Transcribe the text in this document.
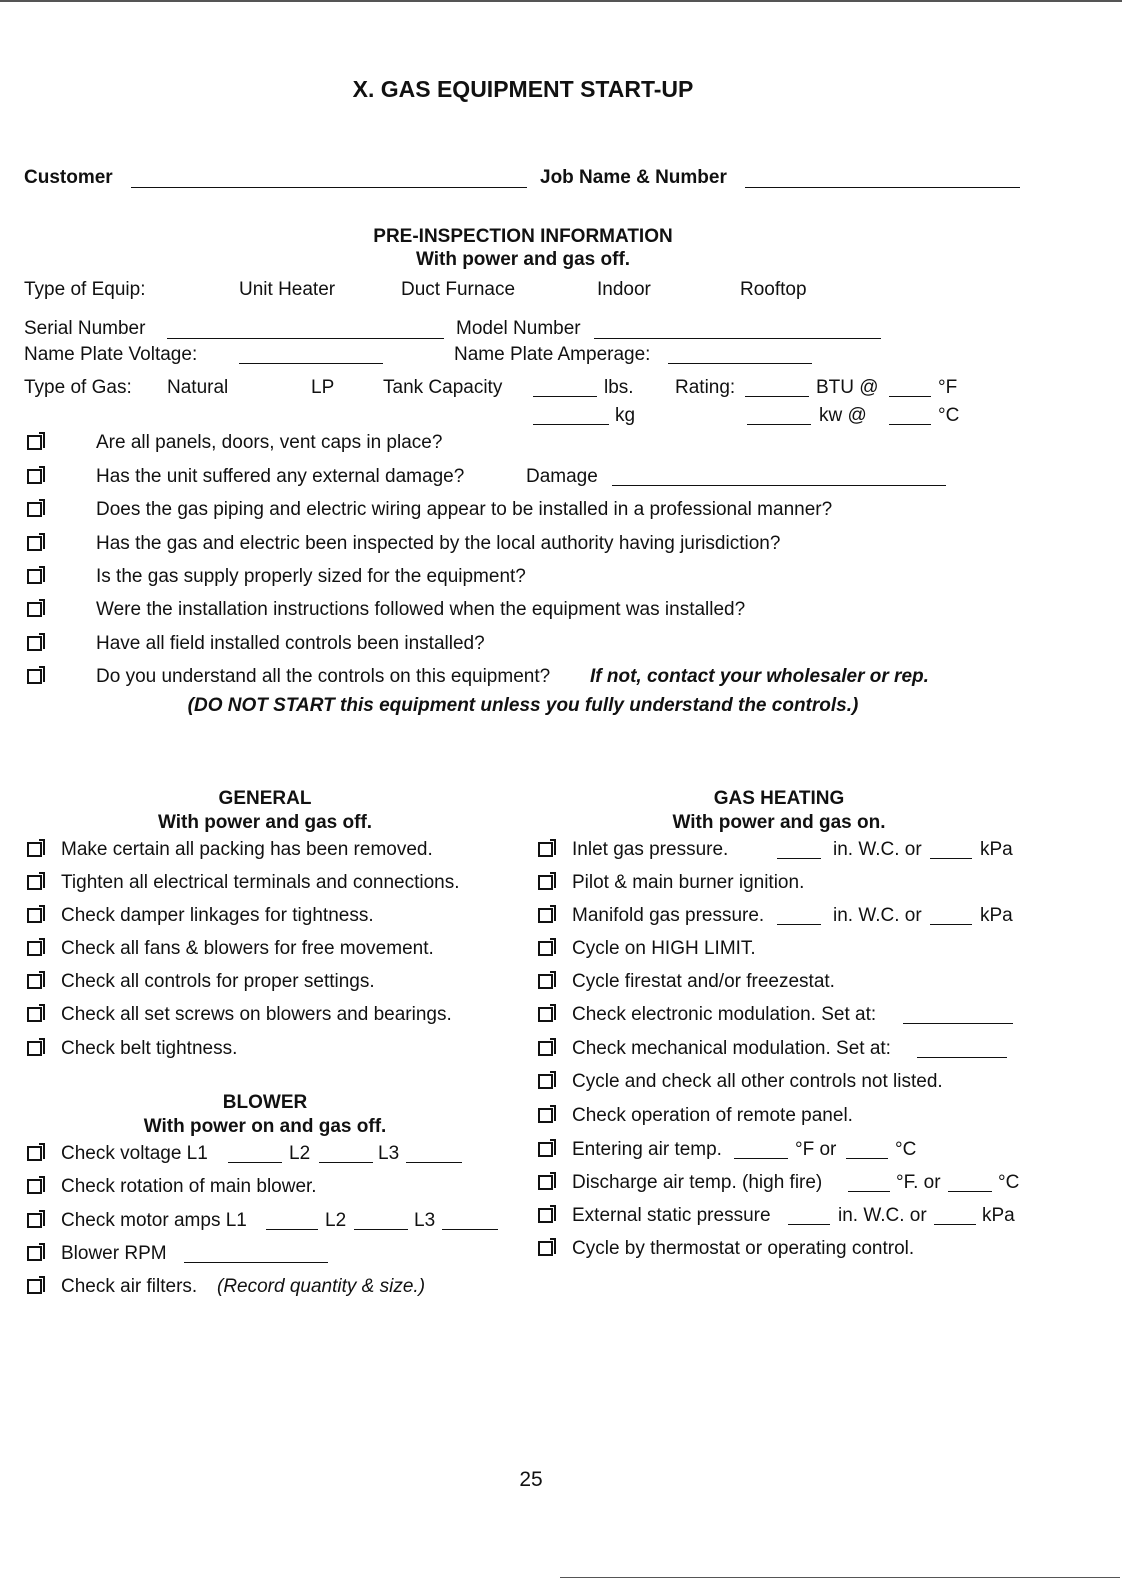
X. GAS EQUIPMENT START-UP
Customer	Job Name & Number
PRE-INSPECTION INFORMATION
With power and gas off.
Type of Equip:	Unit Heater	Duct Furnace	Indoor	Rooftop
Serial Number	Model Number
Name Plate Voltage:	Name Plate Amperage:
Type of Gas: Natural	LP	Tank Capacity	lbs. Rating:	BTU @	°F
kg	kw @	°C
Are all panels, doors, vent caps in place?
Has the unit suffered any external damage?	Damage
Does the gas piping and electric wiring appear to be installed in a professional manner?
Has the gas and electric been inspected by the local authority having jurisdiction?
Is the gas supply properly sized for the equipment?
Were the installation instructions followed when the equipment was installed?
Have all field installed controls been installed?
Do you understand all the controls on this equipment? If not, contact your wholesaler or rep.
(DO NOT START this equipment unless you fully understand the controls.)
GENERAL
With power and gas off.
Make certain all packing has been removed.
Tighten all electrical terminals and connections.
Check damper linkages for tightness.
Check all fans & blowers for free movement.
Check all controls for proper settings.
Check all set screws on blowers and bearings.
Check belt tightness.
BLOWER
With power on and gas off.
Check voltage L1	L2	L3
Check rotation of main blower.
Check motor amps L1	L2	L3
Blower RPM
Check air filters. (Record quantity & size.)
GAS HEATING
With power and gas on.
Inlet gas pressure.	in. W.C. or	kPa
Pilot & main burner ignition.
Manifold gas pressure.	in. W.C. or	kPa
Cycle on HIGH LIMIT.
Cycle firestat and/or freezestat.
Check electronic modulation. Set at:
Check mechanical modulation. Set at:
Cycle and check all other controls not listed.
Check operation of remote panel.
Entering air temp.	°F or	°C
Discharge air temp. (high fire)	°F. or	°C
External static pressure	in. W.C. or	kPa
Cycle by thermostat or operating control.
25
